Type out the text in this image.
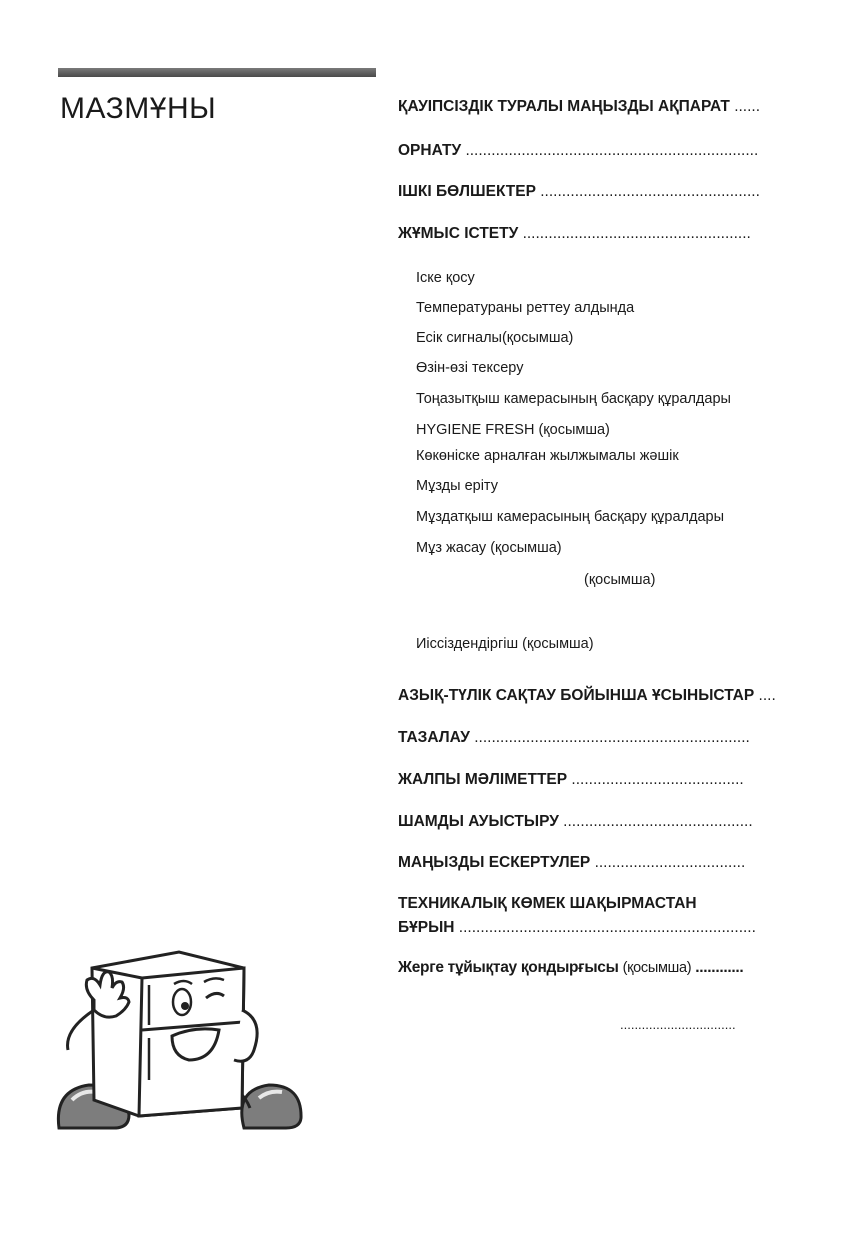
МАЗМҰНЫ	ҚАУІПСІЗДІК ТУРАЛЫ МАҢЫЗДЫ АҚПАРАТ ......
ОРНАТУ ....................................................................
ІШКІ БӨЛШЕКТЕР ...................................................
ЖҰМЫС ІСТЕТУ .....................................................
Іске қосу
Температураны реттеу алдында
Есік сигналы(қосымша)
Өзін-өзі тексеру
Тоңазытқыш камерасының басқару құралдары
HYGIENE FRESH (қосымша)
Көкөніске арналған жылжымалы жәшік
Мұзды еріту
Мұздатқыш камерасының басқару құралдары
Мұз жасау (қосымша)
(қосымша)
Иіссіздендіргіш (қосымша)
АЗЫҚ-ТҮЛІК САҚТАУ БОЙЫНША ҰСЫНЫСТАР ....
ТАЗАЛАУ ................................................................
ЖАЛПЫ МӘЛІМЕТТЕР ........................................
ШАМДЫ АУЫСТЫРУ ............................................
МАҢЫЗДЫ ЕСКЕРТУЛЕР ...................................
ТЕХНИКАЛЫҚ КӨМЕК ШАҚЫРМАСТАН
БҰРЫН .....................................................................
Жерге тұйықтау қондырғысы (қосымша) ............
................................
